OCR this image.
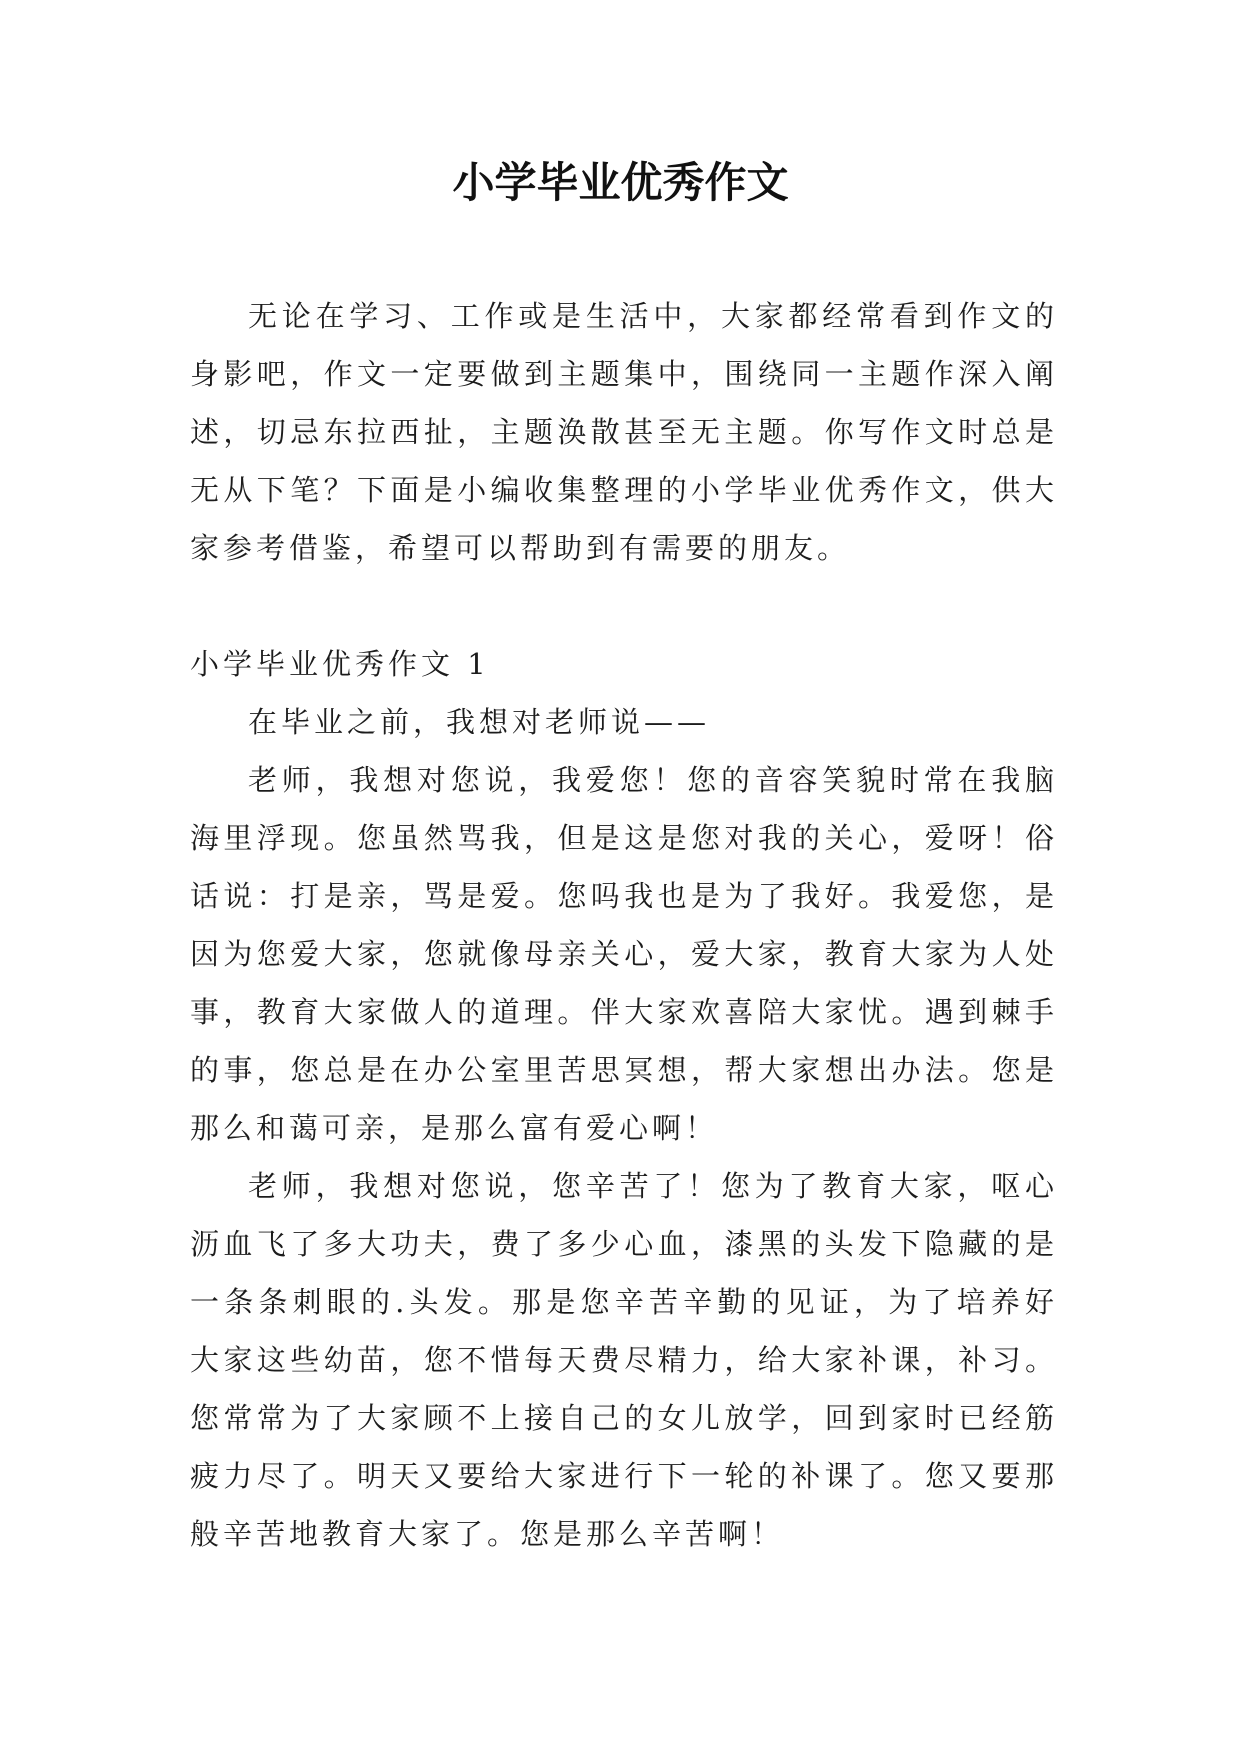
小学毕业优秀作文

无论在学习、工作或是生活中，大家都经常看到作文的身影吧，作文一定要做到主题集中，围绕同一主题作深入阐述，切忌东拉西扯，主题涣散甚至无主题。你写作文时总是无从下笔？下面是小编收集整理的小学毕业优秀作文，供大家参考借鉴，希望可以帮助到有需要的朋友。

小学毕业优秀作文 1

在毕业之前，我想对老师说——

老师，我想对您说，我爱您！您的音容笑貌时常在我脑海里浮现。您虽然骂我，但是这是您对我的关心，爱呀！俗话说：打是亲，骂是爱。您吗我也是为了我好。我爱您，是因为您爱大家，您就像母亲关心，爱大家，教育大家为人处事，教育大家做人的道理。伴大家欢喜陪大家忧。遇到棘手的事，您总是在办公室里苦思冥想，帮大家想出办法。您是那么和蔼可亲，是那么富有爱心啊！

老师，我想对您说，您辛苦了！您为了教育大家，呕心沥血飞了多大功夫，费了多少心血，漆黑的头发下隐藏的是一条条刺眼的.头发。那是您辛苦辛勤的见证，为了培养好大家这些幼苗，您不惜每天费尽精力，给大家补课，补习。您常常为了大家顾不上接自己的女儿放学，回到家时已经筋疲力尽了。明天又要给大家进行下一轮的补课了。您又要那般辛苦地教育大家了。您是那么辛苦啊！
